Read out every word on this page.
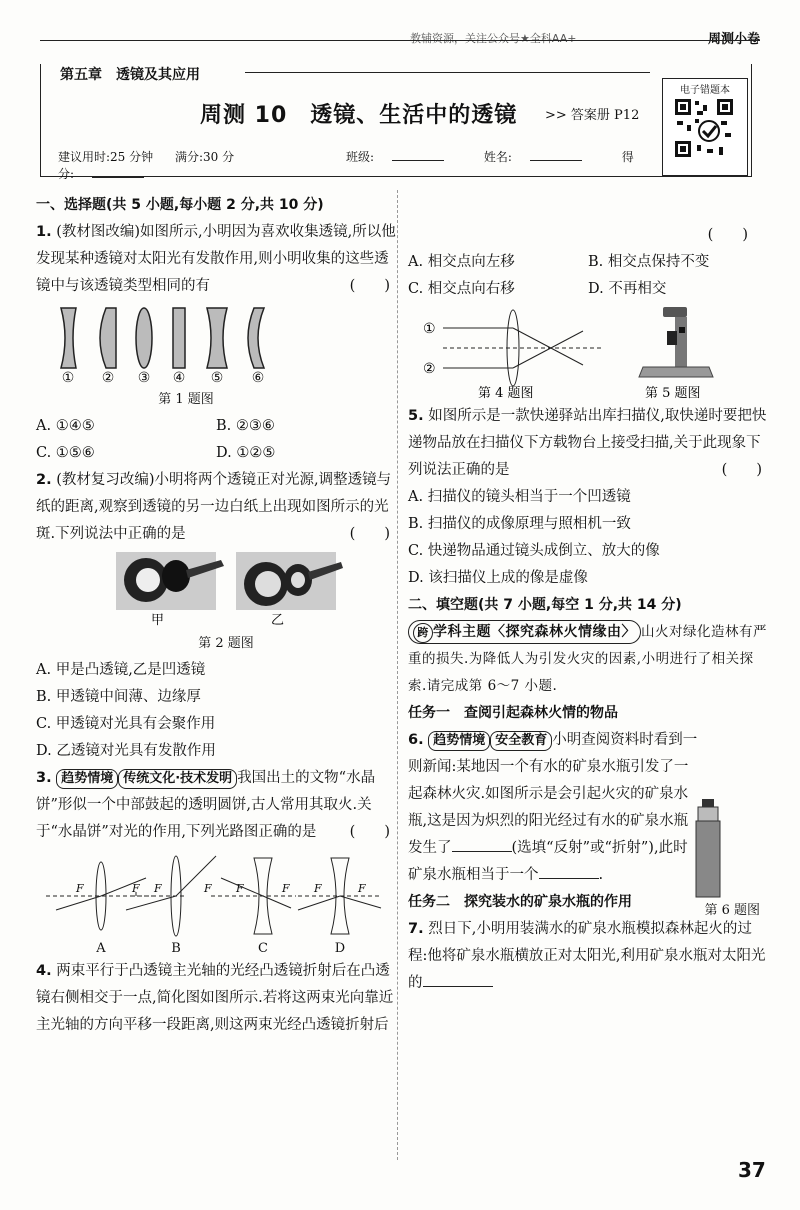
教辅资源，关注公众号★全科AA+	周测小卷
第五章　透镜及其应用
周测 10　透镜、生活中的透镜 >> 答案册 P12
建议用时:25 分钟 满分:30 分	班级:	姓名:	得分:
电子错题本
一、选择题(共 5 小题,每小题 2 分,共 10 分)

1. (教材图改编)如图所示,小明因为喜欢收集透镜,所以他发现某种透镜对太阳光有发散作用,则小明收集的这些透镜中与该透镜类型相同的有	(　　)

① ② ③ ④ ⑤ ⑥
第 1 题图
A. ①④⑤	B. ②③⑥
C. ①⑤⑥	D. ①②⑤

2. (教材复习改编)小明将两个透镜正对光源,调整透镜与纸的距离,观察到透镜的另一边白纸上出现如图所示的光斑.下列说法中正确的是	(　　)

甲	乙
第 2 题图
A. 甲是凸透镜,乙是凹透镜
B. 甲透镜中间薄、边缘厚
C. 甲透镜对光具有会聚作用
D. 乙透镜对光具有发散作用

3. 趋势情境 传统文化·技术发明 我国出土的文物“水晶饼”形似一个中部鼓起的透明圆饼,古人常用其取火.关于“水晶饼”对光的作用,下列光路图正确的是 (　　)

F	F F	F F	F F	F
A	B	C	D

4. 两束平行于凸透镜主光轴的光经凸透镜折射后在凸透镜右侧相交于一点,简化图如图所示.若将这两束光向靠近主光轴的方向平移一段距离,则这两束光经凸透镜折射后

(　　)
A. 相交点向左移	B. 相交点保持不变
C. 相交点向右移	D. 不再相交
①
②
第 4 题图	第 5 题图

5. 如图所示是一款快递驿站出库扫描仪,取快递时要把快递物品放在扫描仪下方载物台上接受扫描,关于此现象下列说法正确的是	(　　)

A. 扫描仪的镜头相当于一个凹透镜
B. 扫描仪的成像原理与照相机一致
C. 快递物品通过镜头成倒立、放大的像
D. 该扫描仪上成的像是虚像
二、填空题(共 7 小题,每空 1 分,共 14 分)

跨 学科主题〈探究森林火情缘由〉 山火对绿化造林有严重的损失.为降低人为引发火灾的因素,小明进行了相关探索.请完成第 6～7 小题.

任务一　查阅引起森林火情的物品

6. 趋势情境 安全教育 小明查阅资料时看到一则新闻:某地因一个有水的矿泉水瓶引发了一起森林火灾.如图所示是会引起火灾的矿泉水瓶,这是因为炽烈的阳光经过有水的矿泉水瓶发生了	(选填“反射”或“折射”),此时矿泉水瓶相当于一个	.

第 6 题图
任务二　探究装水的矿泉水瓶的作用

7. 烈日下,小明用装满水的矿泉水瓶模拟森林起火的过程:他将矿泉水瓶横放正对太阳光,利用矿泉水瓶对太阳光的

37
